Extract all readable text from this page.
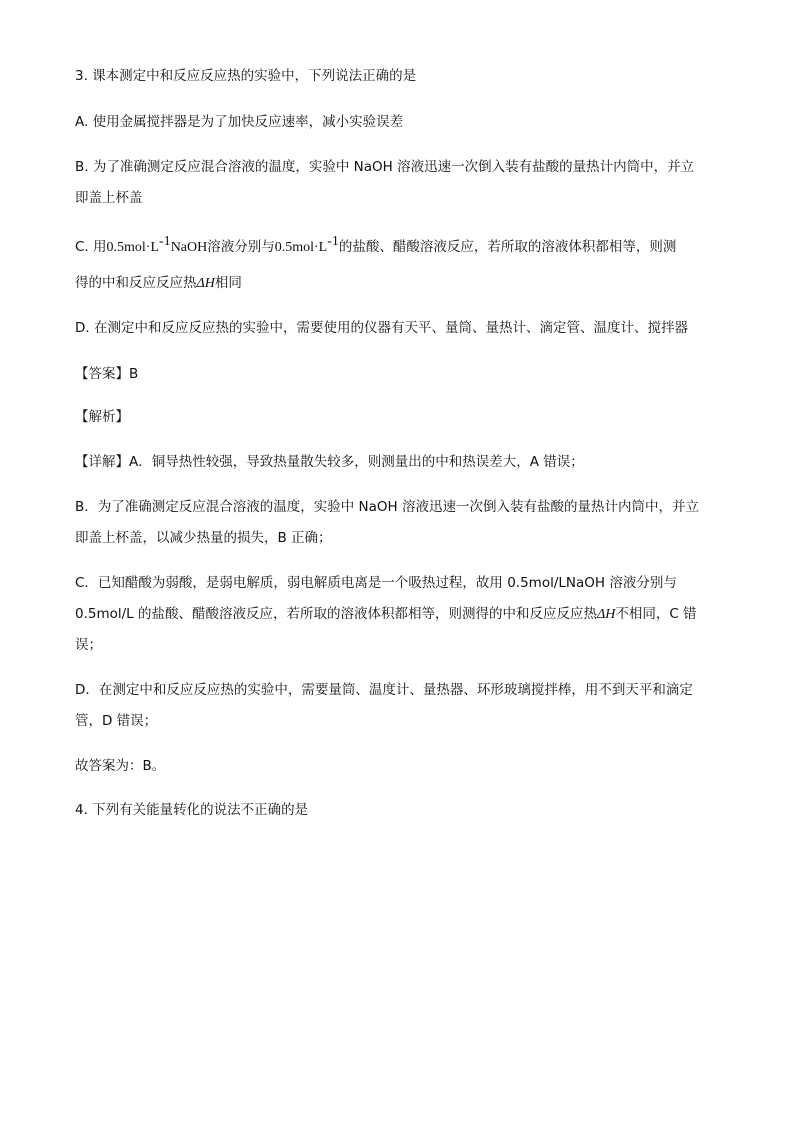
3. 课本测定中和反应反应热的实验中，下列说法正确的是
A. 使用金属搅拌器是为了加快反应速率，减小实验误差
B. 为了准确测定反应混合溶液的温度，实验中 NaOH 溶液迅速一次倒入装有盐酸的量热计内筒中，并立
即盖上杯盖
C. 用$0.5mol\cdot L^{-1}NaOH$溶液分别与$0.5mol\cdot L^{-1}$的盐酸、醋酸溶液反应，若所取的溶液体积都相等，则测
得的中和反应反应热ΔH相同
D. 在测定中和反应反应热的实验中，需要使用的仪器有天平、量筒、量热计、滴定管、温度计、搅拌器
【答案】B
【解析】
【详解】A．铜导热性较强，导致热量散失较多，则测量出的中和热误差大，A 错误；
B．为了准确测定反应混合溶液的温度，实验中 NaOH 溶液迅速一次倒入装有盐酸的量热计内筒中，并立
即盖上杯盖，以减少热量的损失，B 正确；
C．已知醋酸为弱酸，是弱电解质，弱电解质电离是一个吸热过程，故用 0.5mol/LNaOH 溶液分别与
0.5mol/L 的盐酸、醋酸溶液反应，若所取的溶液体积都相等，则测得的中和反应反应热ΔH不相同，C 错
误；
D．在测定中和反应反应热的实验中，需要量筒、温度计、量热器、环形玻璃搅拌棒，用不到天平和滴定
管，D 错误；
故答案为：B。
4. 下列有关能量转化的说法不正确的是
